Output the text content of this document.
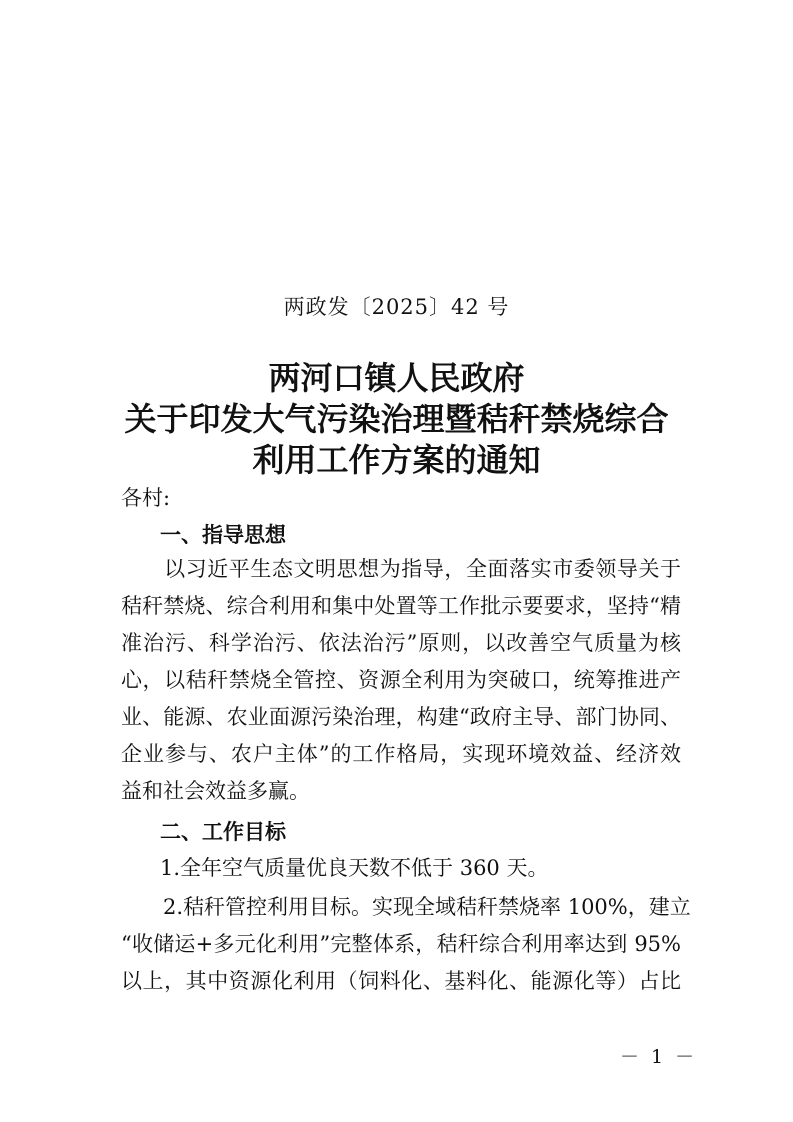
两政发〔2025〕42 号
两河口镇人民政府
关于印发大气污染治理暨秸秆禁烧综合
利用工作方案的通知
各村:
一、指导思想
　　以习近平生态文明思想为指导，全面落实市委领导关于
秸秆禁烧、综合利用和集中处置等工作批示要要求，坚持“精
准治污、科学治污、依法治污”原则，以改善空气质量为核
心，以秸秆禁烧全管控、资源全利用为突破口，统筹推进产
业、能源、农业面源污染治理，构建“政府主导、部门协同、
企业参与、农户主体”的工作格局，实现环境效益、经济效
益和社会效益多赢。
二、工作目标
1.全年空气质量优良天数不低于 360 天。
　　2.秸秆管控利用目标。实现全域秸秆禁烧率 100%，建立
“收储运+多元化利用”完整体系，秸秆综合利用率达到 95%
以上，其中资源化利用（饲料化、基料化、能源化等）占比
－ 1 －
